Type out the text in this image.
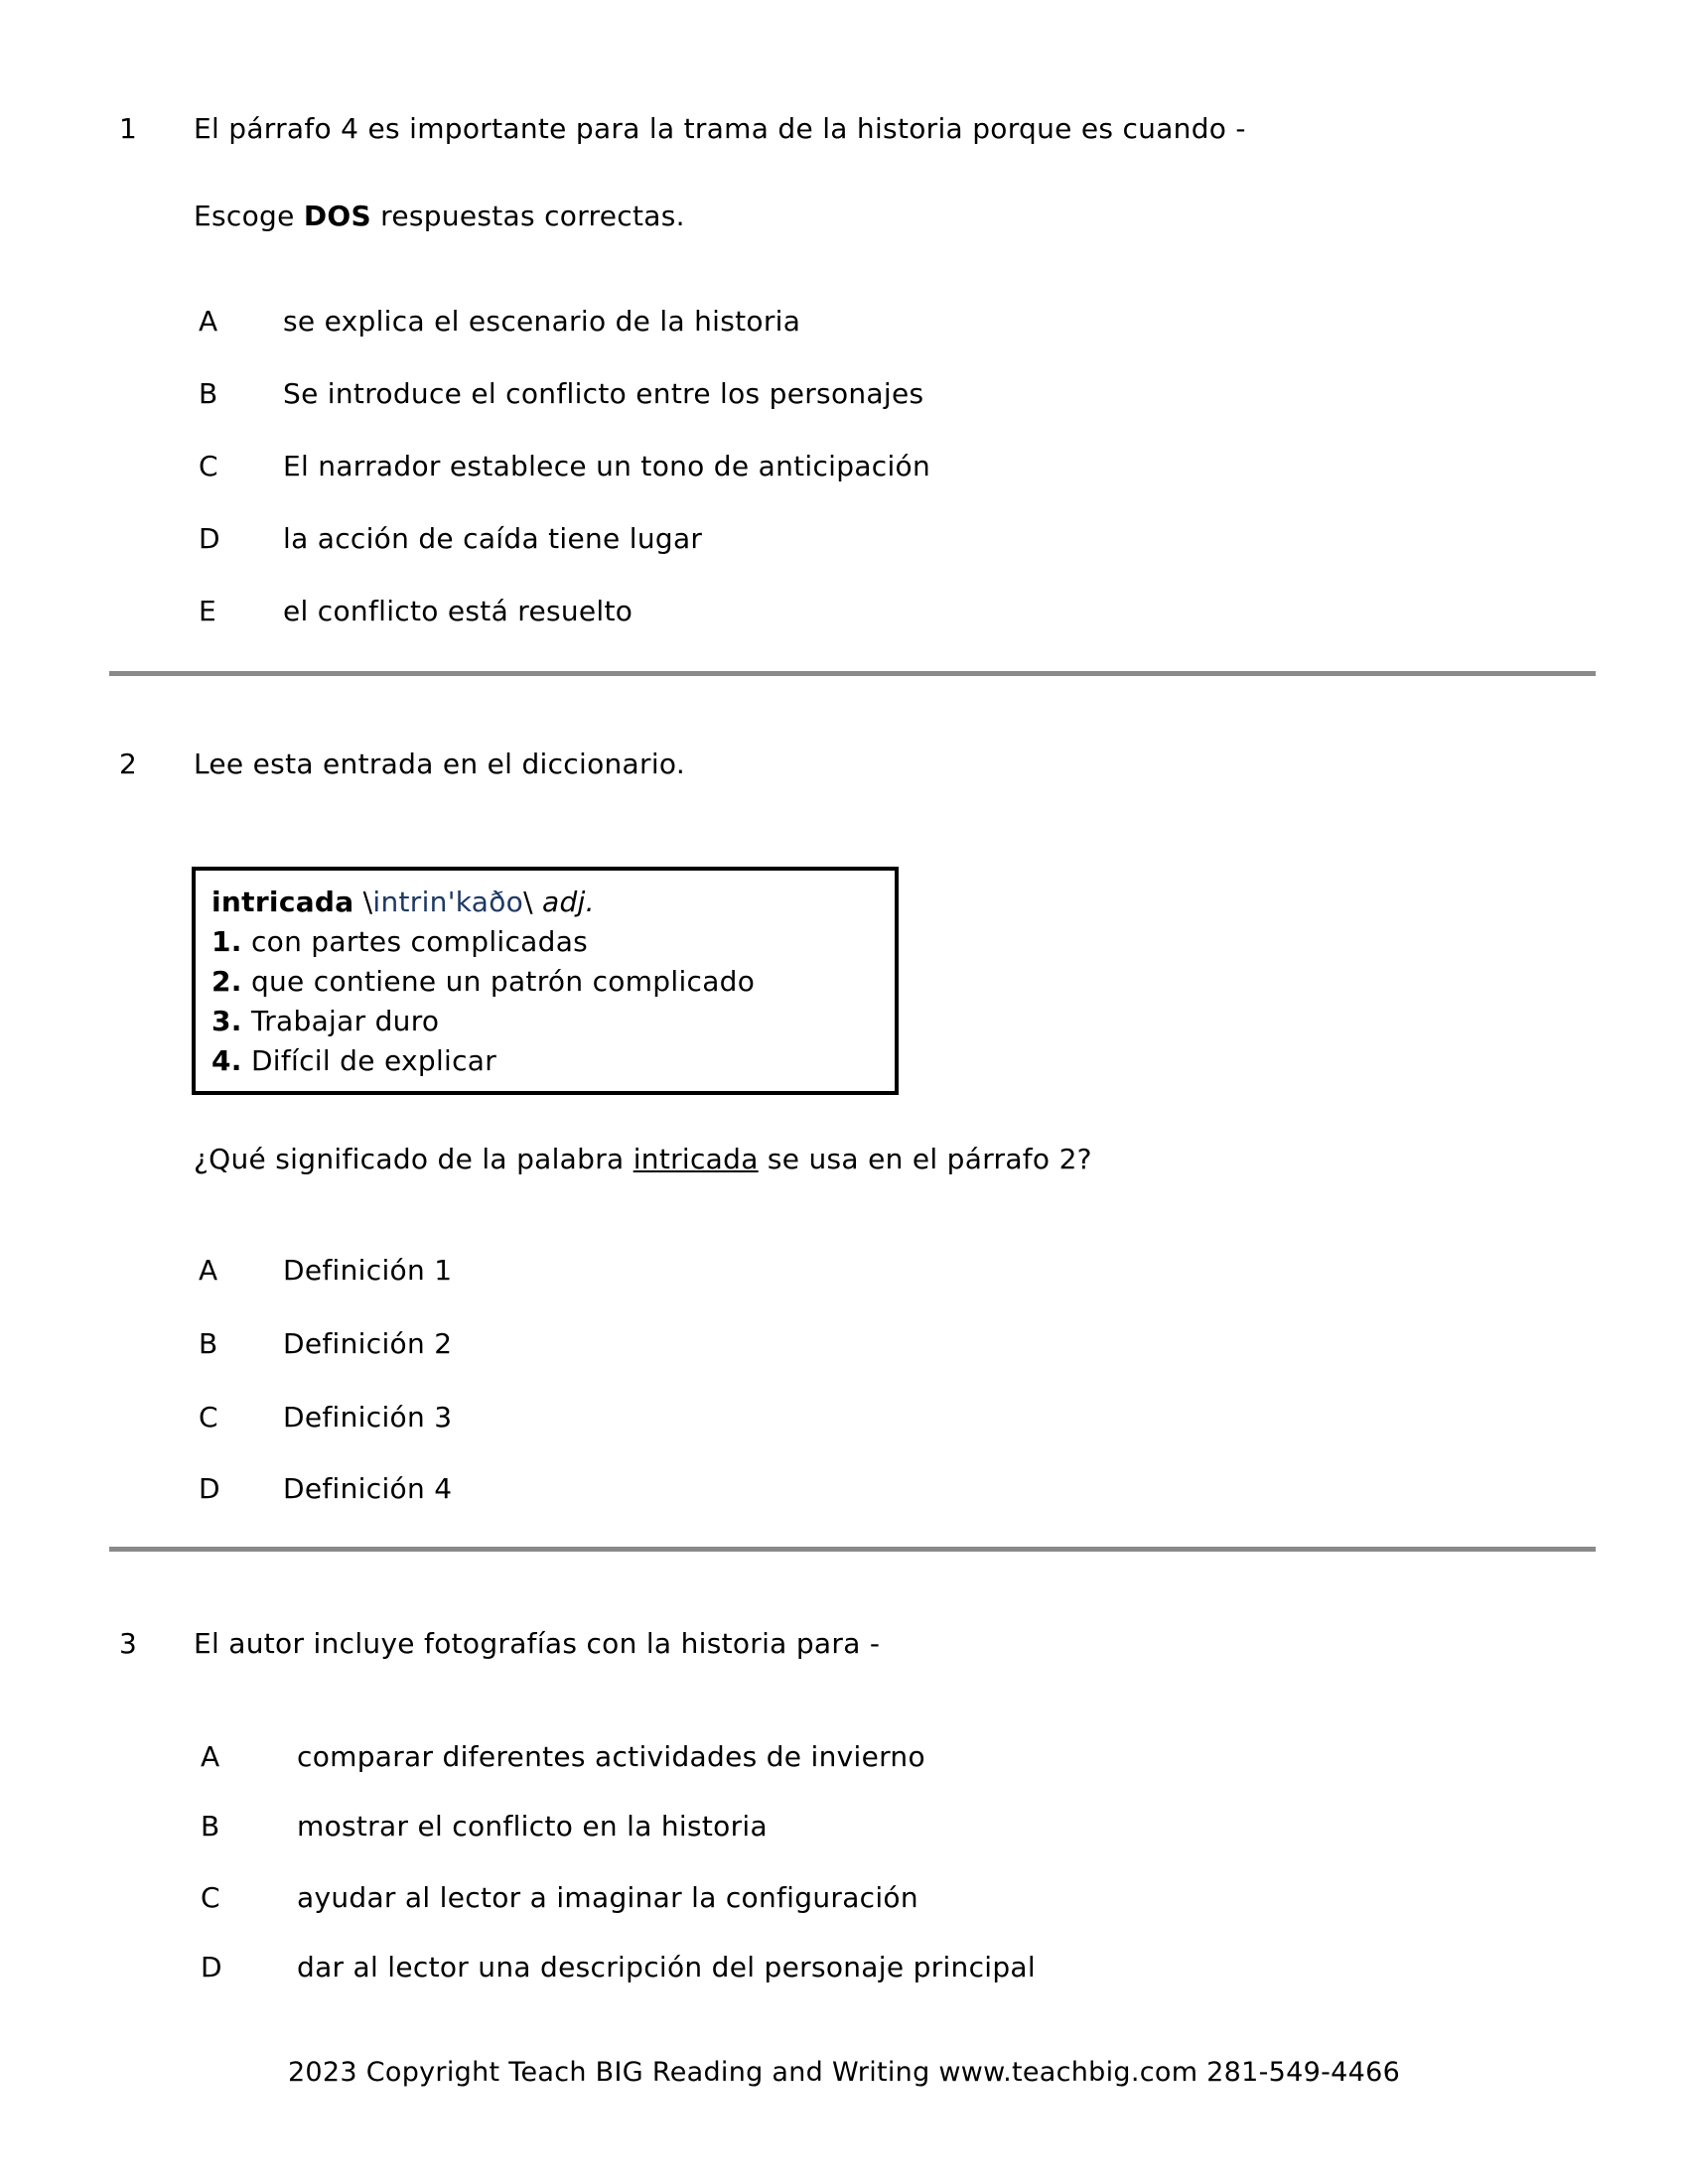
1	El párrafo 4 es importante para la trama de la historia porque es cuando -

Escoge DOS respuestas correctas.

A	se explica el escenario de la historia
B	Se introduce el conflicto entre los personajes
C	El narrador establece un tono de anticipación
D	la acción de caída tiene lugar
E	el conflicto está resuelto
2	Lee esta entrada en el diccionario.

intricada \intrin'kaðo\ adj.

1. con partes complicadas

2. que contiene un patrón complicado

3. Trabajar duro

4. Difícil de explicar

¿Qué significado de la palabra intricada se usa en el párrafo 2?

A	Definición 1
B	Definición 2
C	Definición 3
D	Definición 4
3	El autor incluye fotografías con la historia para -
A	comparar diferentes actividades de invierno
B	mostrar el conflicto en la historia
C	ayudar al lector a imaginar la configuración
D	dar al lector una descripción del personaje principal
2023 Copyright Teach BIG Reading and Writing www.teachbig.com 281-549-4466
